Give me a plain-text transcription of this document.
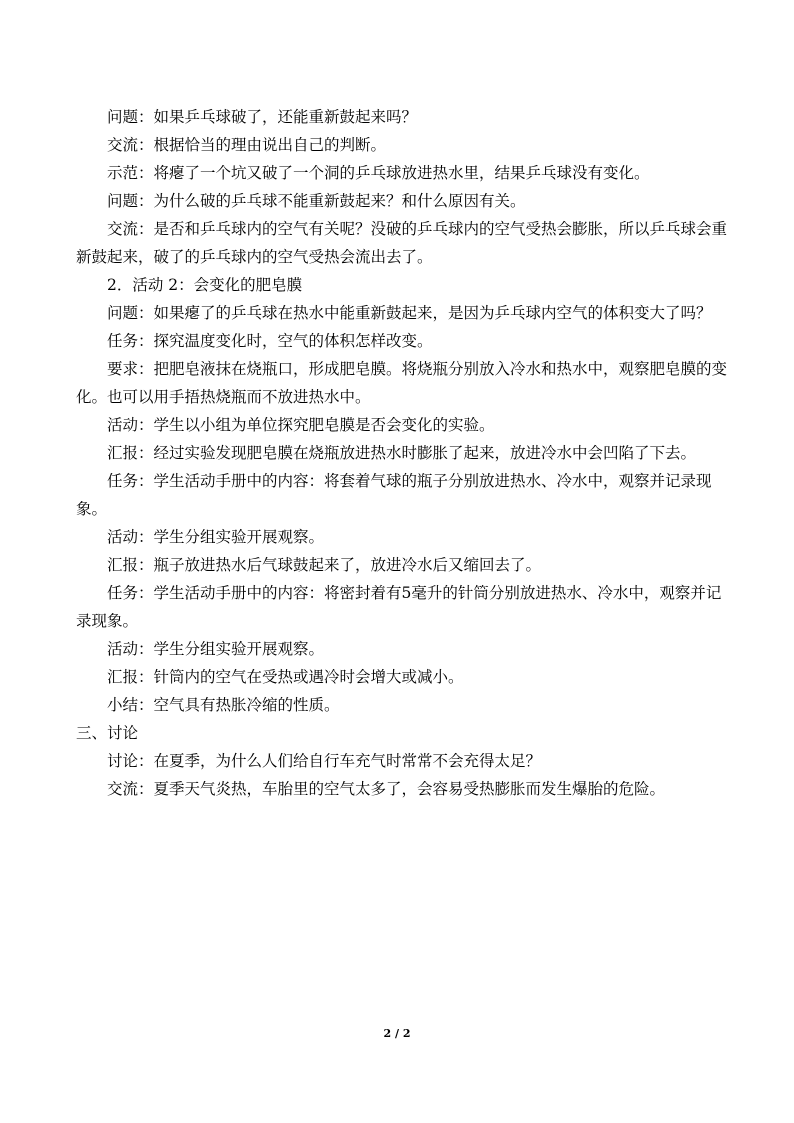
问题：如果乒乓球破了，还能重新鼓起来吗？

交流：根据恰当的理由说出自己的判断。

示范：将瘪了一个坑又破了一个洞的乒乓球放进热水里，结果乒乓球没有变化。

问题：为什么破的乒乓球不能重新鼓起来？和什么原因有关。

交流：是否和乒乓球内的空气有关呢？没破的乒乓球内的空气受热会膨胀，所以乒乓球会重新鼓起来，破了的乒乓球内的空气受热会流出去了。

2．活动 2：会变化的肥皂膜

问题：如果瘪了的乒乓球在热水中能重新鼓起来，是因为乒乓球内空气的体积变大了吗？

任务：探究温度变化时，空气的体积怎样改变。

要求：把肥皂液抹在烧瓶口，形成肥皂膜。将烧瓶分别放入冷水和热水中，观察肥皂膜的变化。也可以用手捂热烧瓶而不放进热水中。

活动：学生以小组为单位探究肥皂膜是否会变化的实验。

汇报：经过实验发现肥皂膜在烧瓶放进热水时膨胀了起来，放进冷水中会凹陷了下去。

任务：学生活动手册中的内容：将套着气球的瓶子分别放进热水、冷水中，观察并记录现象。

活动：学生分组实验开展观察。

汇报：瓶子放进热水后气球鼓起来了，放进冷水后又缩回去了。

任务：学生活动手册中的内容：将密封着有5毫升的针筒分别放进热水、冷水中，观察并记录现象。

活动：学生分组实验开展观察。

汇报：针筒内的空气在受热或遇冷时会增大或减小。

小结：空气具有热胀冷缩的性质。

三、讨论

讨论：在夏季，为什么人们给自行车充气时常常不会充得太足？

交流：夏季天气炎热，车胎里的空气太多了，会容易受热膨胀而发生爆胎的危险。

2 / 2
